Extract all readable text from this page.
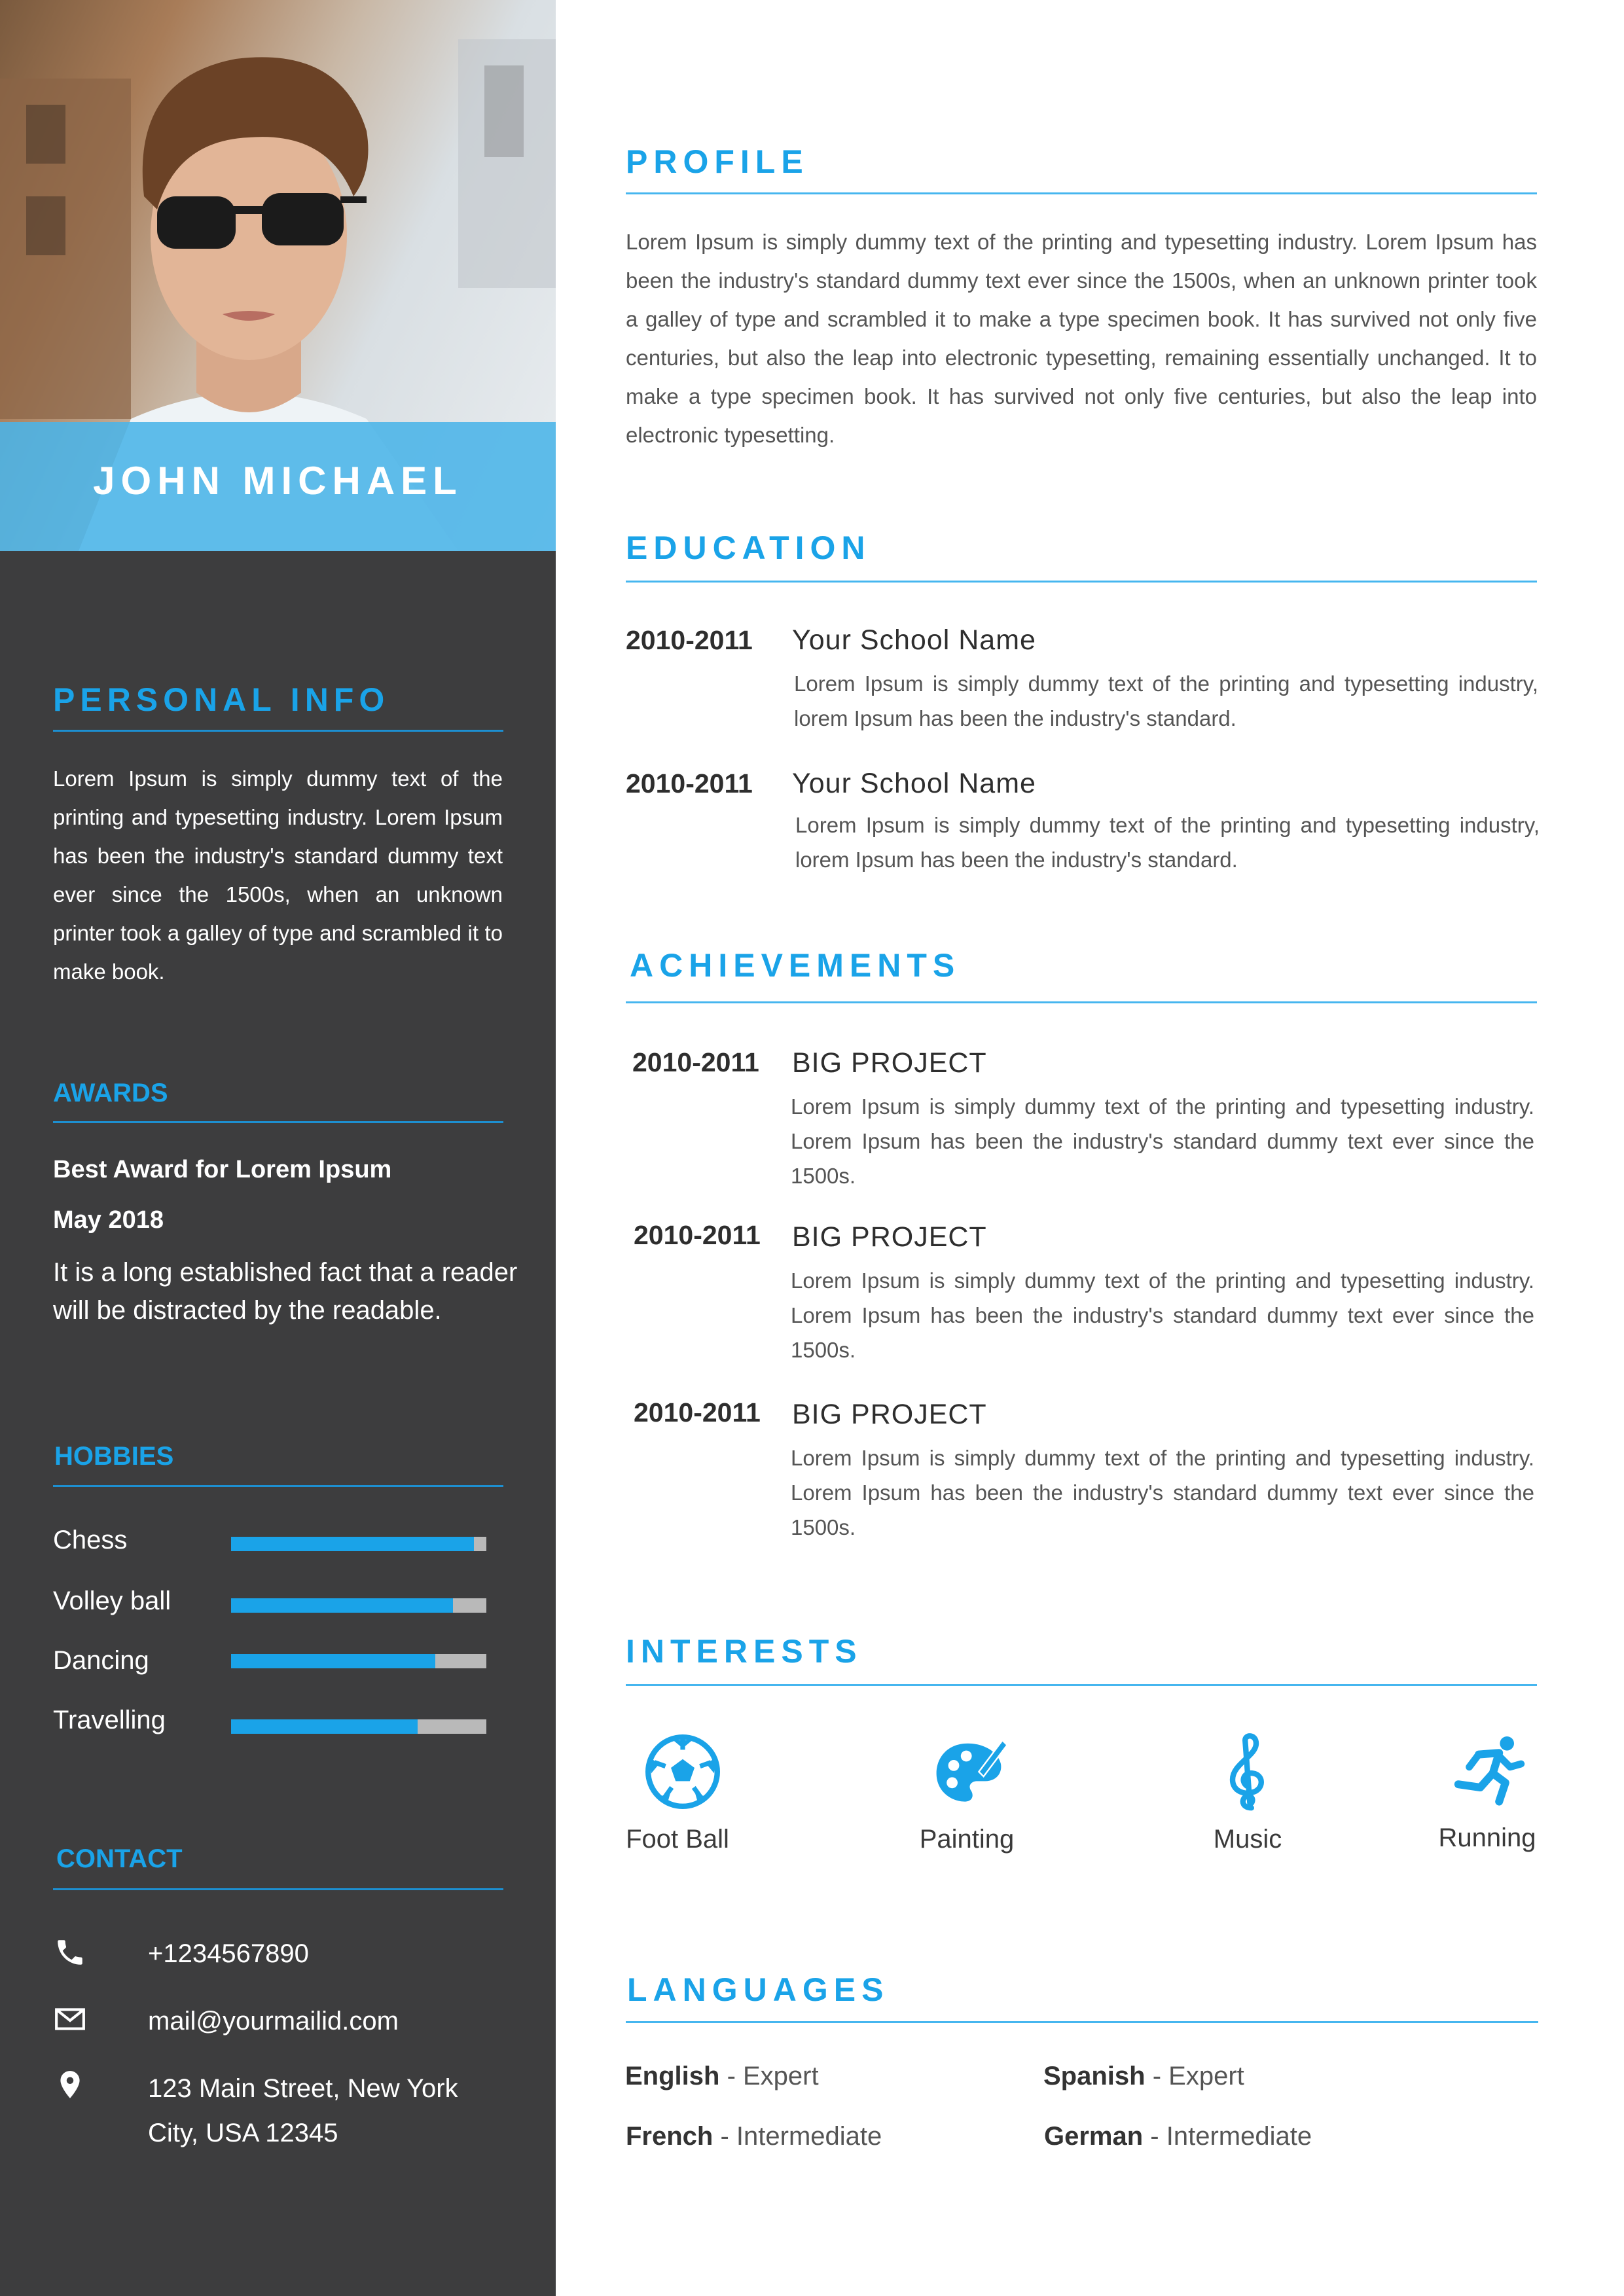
JOHN MICHAEL
PERSONAL INFO
Lorem Ipsum is simply dummy text of the printing and typesetting industry. Lorem Ipsum has been the industry's standard dummy text ever since the 1500s, when an unknown printer took a galley of type and scrambled it to make book.
AWARDS
Best Award for Lorem Ipsum
May 2018
It is a long established fact that a reader will be distracted by the readable.
HOBBIES
Chess
Volley ball
Dancing
Travelling
CONTACT
+1234567890
mail@yourmailid.com
123 Main Street, New York
City, USA 12345
PROFILE
Lorem Ipsum is simply dummy text of the printing and typesetting industry. Lorem Ipsum has been the industry's standard dummy text ever since the 1500s, when an unknown printer took a galley of type and scrambled it to make a type specimen book. It has survived not only five centuries, but also the leap into electronic typesetting, remaining essentially unchanged. It to make a type specimen book. It has survived not only five centuries, but also the leap into electronic typesetting.
EDUCATION
2010-2011 Your School Name
Lorem Ipsum is simply dummy text of the printing and typesetting industry, lorem Ipsum has been the industry's standard.
2010-2011 Your School Name
Lorem Ipsum is simply dummy text of the printing and typesetting industry, lorem Ipsum has been the industry's standard.
ACHIEVEMENTS
2010-2011 BIG PROJECT
Lorem Ipsum is simply dummy text of the printing and typesetting industry. Lorem Ipsum has been the industry's standard dummy text ever since the 1500s.
2010-2011 BIG PROJECT
Lorem Ipsum is simply dummy text of the printing and typesetting industry. Lorem Ipsum has been the industry's standard dummy text ever since the 1500s.
2010-2011 BIG PROJECT
Lorem Ipsum is simply dummy text of the printing and typesetting industry. Lorem Ipsum has been the industry's standard dummy text ever since the 1500s.
INTERESTS
Foot Ball	Painting	Music	Running
LANGUAGES
English - Expert	Spanish - Expert
French - Intermediate	German - Intermediate
